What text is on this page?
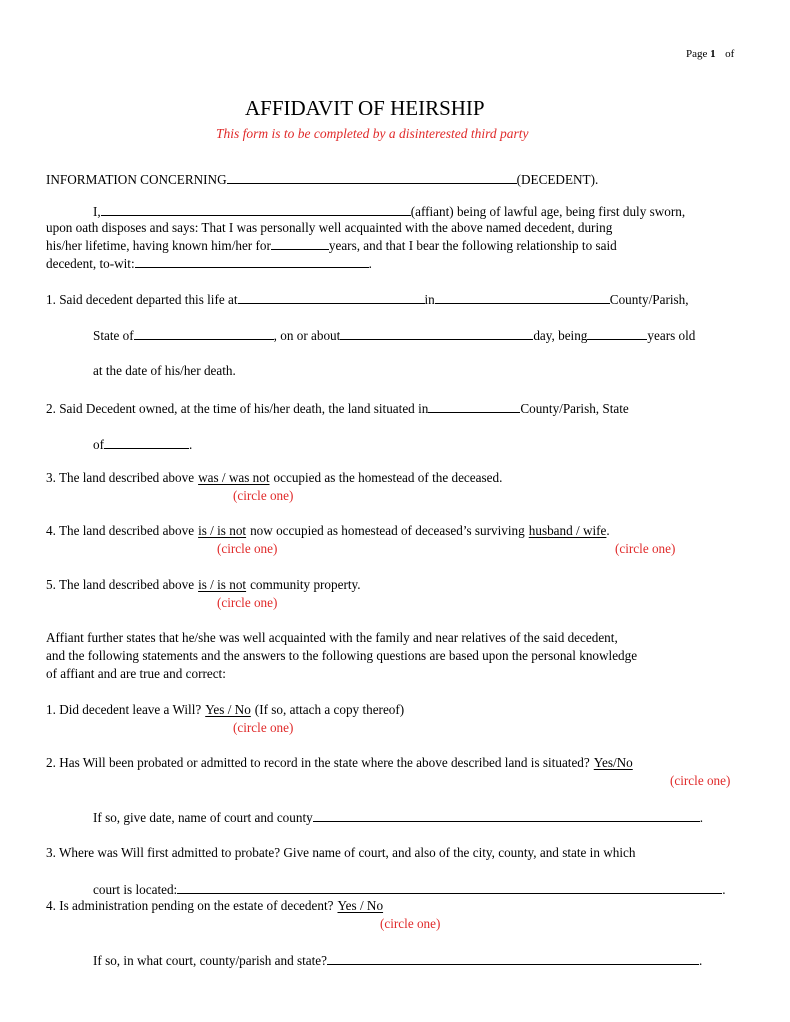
Page 1 of
AFFIDAVIT OF HEIRSHIP
This form is to be completed by a disinterested third party
INFORMATION CONCERNING	(DECEDENT).
I,	(affiant) being of lawful age, being first duly sworn,
upon oath disposes and says: That I was personally well acquainted with the above named decedent, during
his/her lifetime, having known him/her for	years, and that I bear the following relationship to said
decedent, to-wit:	.
1. Said decedent departed this life at	in	County/Parish,
State of	, on or about	day, being	years old
at the date of his/her death.
2. Said Decedent owned, at the time of his/her death, the land situated in	County/Parish, State
of	.
3. The land described above was / was not occupied as the homestead of the deceased.
(circle one)
4. The land described above is / is not now occupied as homestead of deceased’s surviving husband / wife.
(circle one)	(circle one)
5. The land described above is / is not community property.
(circle one)
Affiant further states that he/she was well acquainted with the family and near relatives of the said decedent,
and the following statements and the answers to the following questions are based upon the personal knowledge
of affiant and are true and correct:
1. Did decedent leave a Will? Yes / No (If so, attach a copy thereof)
(circle one)
2. Has Will been probated or admitted to record in the state where the above described land is situated? Yes/No
(circle one)
If so, give date, name of court and county	.
3. Where was Will first admitted to probate? Give name of court, and also of the city, county, and state in which
court is located:	.
4. Is administration pending on the estate of decedent? Yes / No
(circle one)
If so, in what court, county/parish and state?	.
